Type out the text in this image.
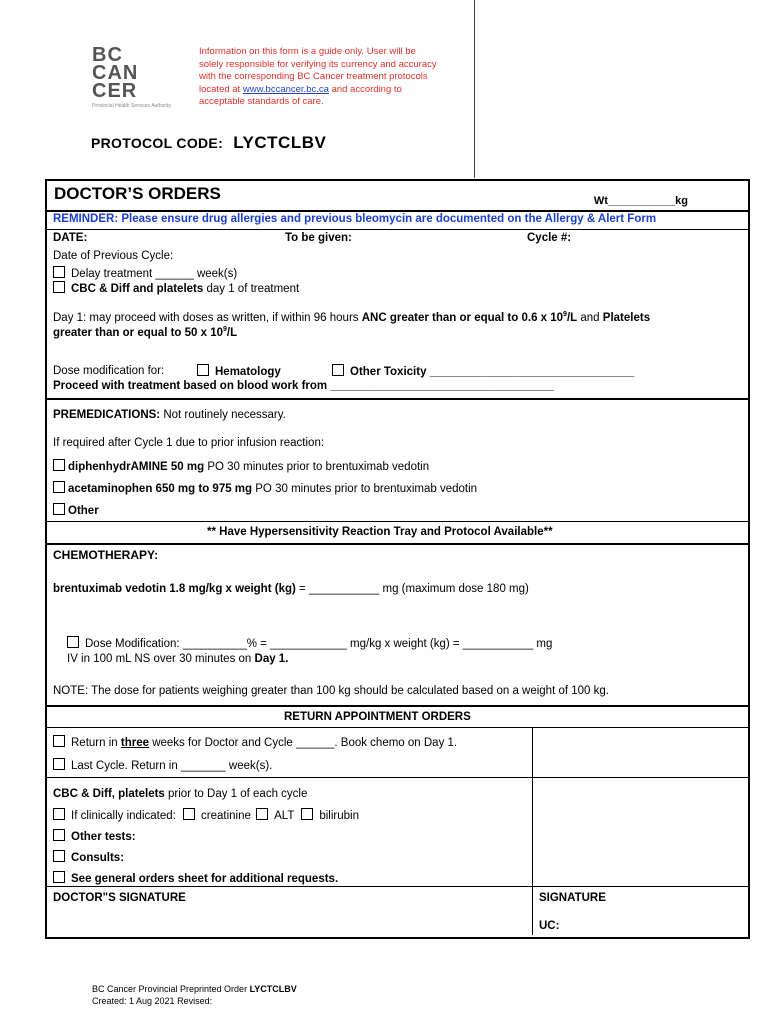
BC
CAN
CER
Provincial Health Services Authority
Information on this form is a guide only. User will be solely responsible for verifying its currency and accuracy with the corresponding BC Cancer treatment protocols located at www.bccancer.bc.ca and according to acceptable standards of care.
PROTOCOL CODE: LYCTCLBV
DOCTOR’S ORDERS	Wt___________kg
REMINDER: Please ensure drug allergies and previous bleomycin are documented on the Allergy & Alert Form
DATE:	To be given:	Cycle #:
Date of Previous Cycle:
Delay treatment ______ week(s)
CBC & Diff and platelets day 1 of treatment
Day 1: may proceed with doses as written, if within 96 hours ANC greater than or equal to 0.6 x $10^9/L$ and Platelets
greater than or equal to 50 x $10^9/L$
Dose modification for:	Hematology	Other Toxicity ________________________________
Proceed with treatment based on blood work from ___________________________________
PREMEDICATIONS: Not routinely necessary.
If required after Cycle 1 due to prior infusion reaction:
diphenhydrAMINE 50 mg PO 30 minutes prior to brentuximab vedotin
acetaminophen 650 mg to 975 mg PO 30 minutes prior to brentuximab vedotin
Other
** Have Hypersensitivity Reaction Tray and Protocol Available**
CHEMOTHERAPY:
brentuximab vedotin 1.8 mg/kg x weight (kg) = ___________ mg (maximum dose 180 mg)
Dose Modification: __________% = ____________ mg/kg x weight (kg) = ___________ mg
IV in 100 mL NS over 30 minutes on Day 1.
NOTE: The dose for patients weighing greater than 100 kg should be calculated based on a weight of 100 kg.
RETURN APPOINTMENT ORDERS
Return in three weeks for Doctor and Cycle ______. Book chemo on Day 1.
Last Cycle. Return in _______ week(s).
CBC & Diff, platelets prior to Day 1 of each cycle
If clinically indicated: creatinine ALT bilirubin
Other tests:
Consults:
See general orders sheet for additional requests.
DOCTOR"S SIGNATURE	SIGNATURE
UC:
BC Cancer Provincial Preprinted Order LYCTCLBV
Created: 1 Aug 2021 Revised:
